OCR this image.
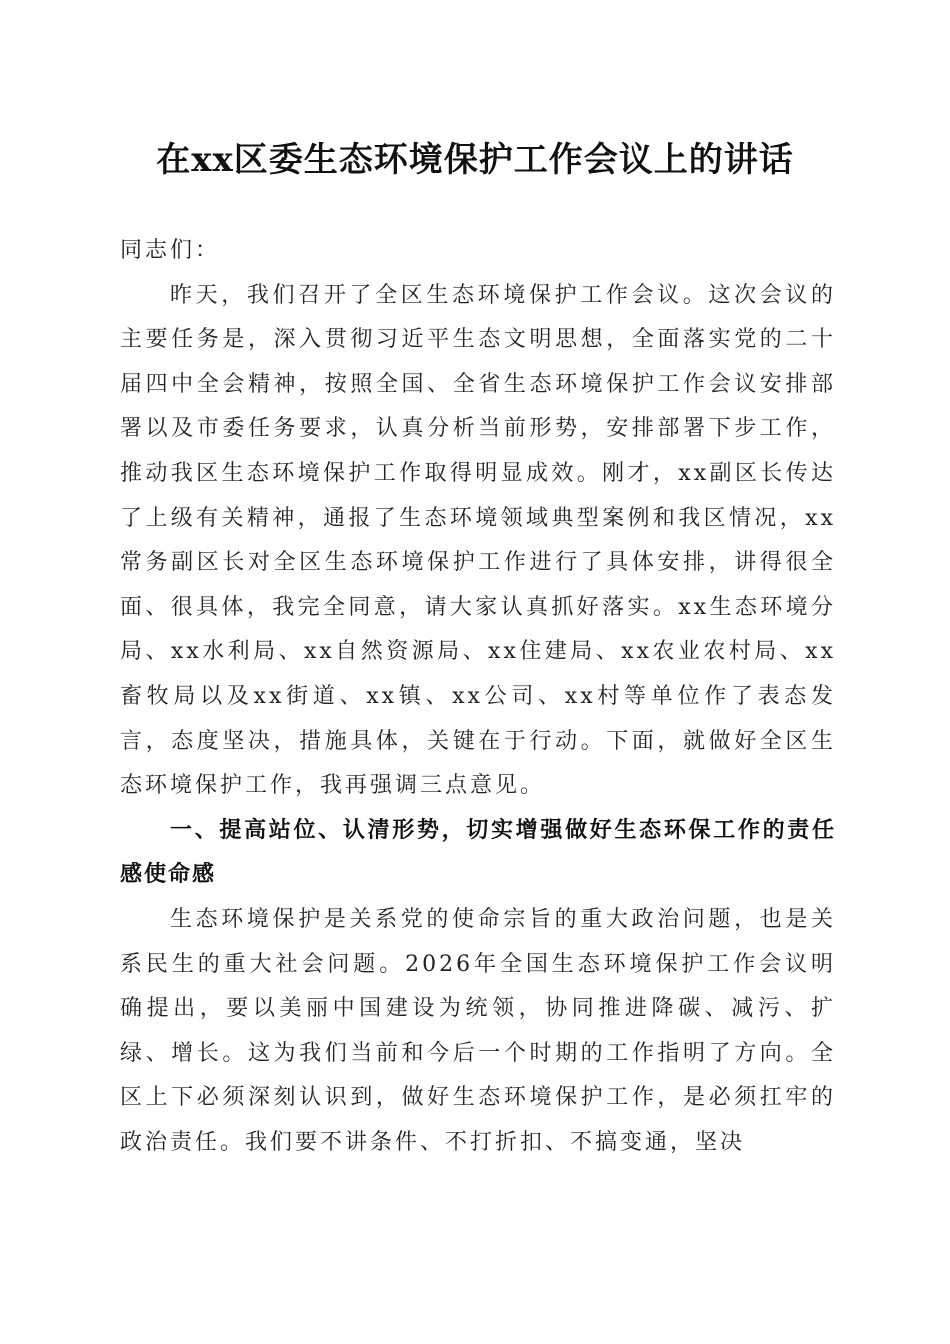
在xx区委生态环境保护工作会议上的讲话

同志们：

昨天，我们召开了全区生态环境保护工作会议。这次会议的主要任务是，深入贯彻习近平生态文明思想，全面落实党的二十届四中全会精神，按照全国、全省生态环境保护工作会议安排部署以及市委任务要求，认真分析当前形势，安排部署下步工作，推动我区生态环境保护工作取得明显成效。刚才，xx副区长传达了上级有关精神，通报了生态环境领域典型案例和我区情况，xx常务副区长对全区生态环境保护工作进行了具体安排，讲得很全面、很具体，我完全同意，请大家认真抓好落实。xx生态环境分局、xx水利局、xx自然资源局、xx住建局、xx农业农村局、xx畜牧局以及xx街道、xx镇、xx公司、xx村等单位作了表态发言，态度坚决，措施具体，关键在于行动。下面，就做好全区生态环境保护工作，我再强调三点意见。

一、提高站位、认清形势，切实增强做好生态环保工作的责任感使命感

生态环境保护是关系党的使命宗旨的重大政治问题，也是关系民生的重大社会问题。2026年全国生态环境保护工作会议明确提出，要以美丽中国建设为统领，协同推进降碳、减污、扩绿、增长。这为我们当前和今后一个时期的工作指明了方向。全区上下必须深刻认识到，做好生态环境保护工作，是必须扛牢的政治责任。我们要不讲条件、不打折扣、不搞变通，坚决
